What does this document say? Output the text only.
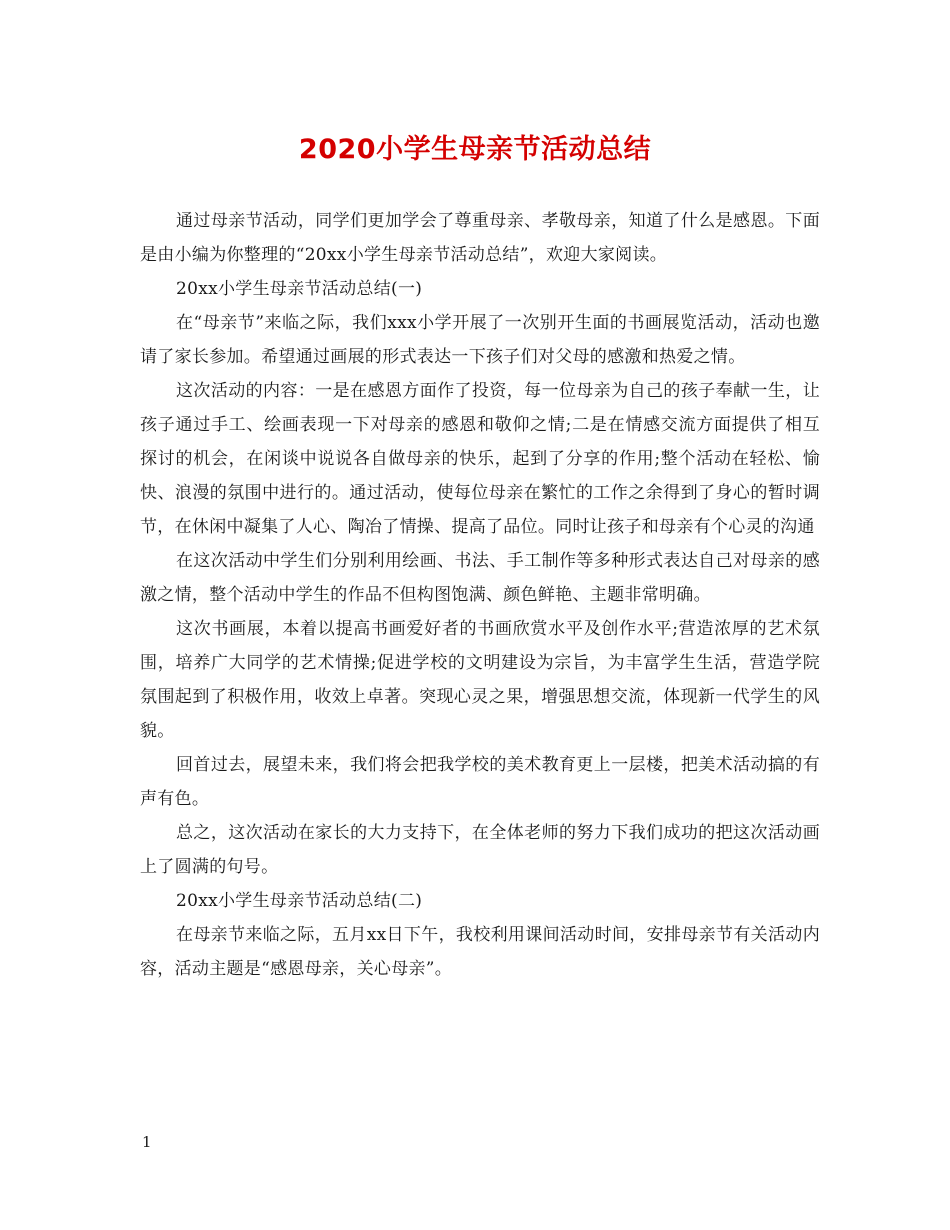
2020小学生母亲节活动总结

通过母亲节活动，同学们更加学会了尊重母亲、孝敬母亲，知道了什么是感恩。下面是由小编为你整理的“20xx小学生母亲节活动总结”，欢迎大家阅读。

20xx小学生母亲节活动总结(一)

在“母亲节”来临之际，我们xxx小学开展了一次别开生面的书画展览活动，活动也邀请了家长参加。希望通过画展的形式表达一下孩子们对父母的感激和热爱之情。

这次活动的内容：一是在感恩方面作了投资，每一位母亲为自己的孩子奉献一生，让孩子通过手工、绘画表现一下对母亲的感恩和敬仰之情;二是在情感交流方面提供了相互探讨的机会，在闲谈中说说各自做母亲的快乐，起到了分享的作用;整个活动在轻松、愉快、浪漫的氛围中进行的。通过活动，使每位母亲在繁忙的工作之余得到了身心的暂时调节，在休闲中凝集了人心、陶冶了情操、提高了品位。同时让孩子和母亲有个心灵的沟通

在这次活动中学生们分别利用绘画、书法、手工制作等多种形式表达自己对母亲的感激之情，整个活动中学生的作品不但构图饱满、颜色鲜艳、主题非常明确。

这次书画展，本着以提高书画爱好者的书画欣赏水平及创作水平;营造浓厚的艺术氛围，培养广大同学的艺术情操;促进学校的文明建设为宗旨，为丰富学生生活，营造学院氛围起到了积极作用，收效上卓著。突现心灵之果，增强思想交流，体现新一代学生的风貌。

回首过去，展望未来，我们将会把我学校的美术教育更上一层楼，把美术活动搞的有声有色。

总之，这次活动在家长的大力支持下，在全体老师的努力下我们成功的把这次活动画上了圆满的句号。

20xx小学生母亲节活动总结(二)

在母亲节来临之际，五月xx日下午，我校利用课间活动时间，安排母亲节有关活动内容，活动主题是“感恩母亲，关心母亲”。

1
